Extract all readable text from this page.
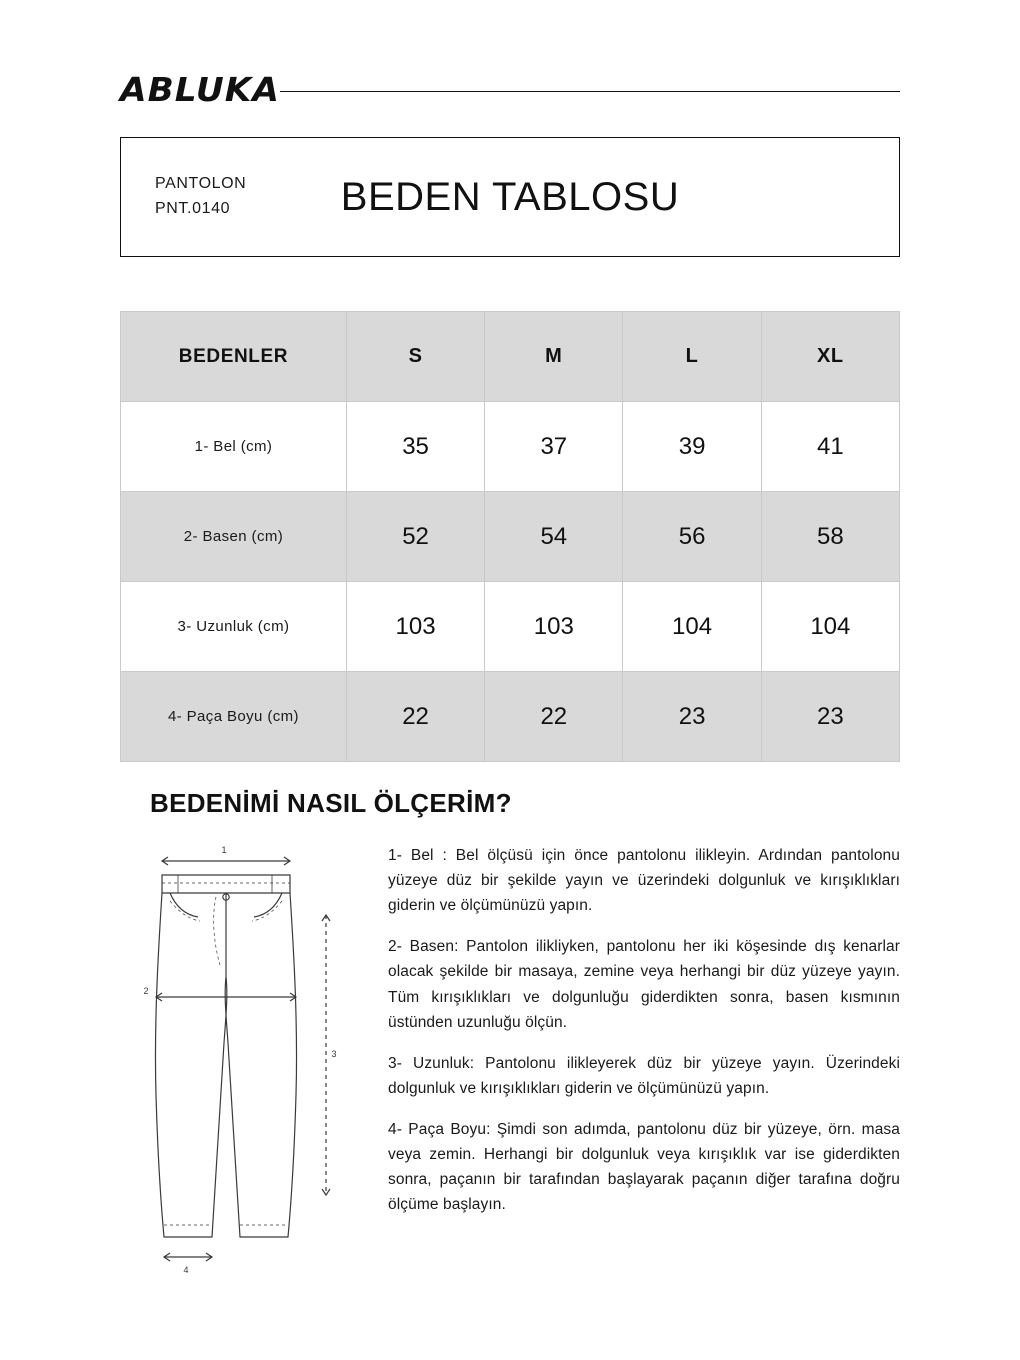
ABLUKA
PANTOLON
PNT.0140	BEDEN TABLOSU
BEDENLER	S	M	L	XL
1- Bel (cm)	35	37	39	41
2- Basen (cm)	52	54	56	58
3- Uzunluk (cm)	103	103	104	104
4- Paça Boyu (cm)	22	22	23	23
BEDENİMİ NASIL ÖLÇERİM?
1
2
3
4

1- Bel : Bel ölçüsü için önce pantolonu ilikleyin. Ardından pantolonu yüzeye düz bir şekilde yayın ve üzerindeki dolgunluk ve kırışıklıkları giderin ve ölçümünüzü yapın.

2- Basen: Pantolon ilikliyken, pantolonu her iki köşesinde dış kenarlar olacak şekilde bir masaya, zemine veya herhangi bir düz yüzeye yayın. Tüm kırışıklıkları ve dolgunluğu giderdikten sonra, basen kısmının üstünden uzunluğu ölçün.

3- Uzunluk: Pantolonu ilikleyerek düz bir yüzeye yayın. Üzerindeki dolgunluk ve kırışıklıkları giderin ve ölçümünüzü yapın.

4- Paça Boyu: Şimdi son adımda, pantolonu düz bir yüzeye, örn. masa veya zemin. Herhangi bir dolgunluk veya kırışıklık var ise giderdikten sonra, paçanın bir tarafından başlayarak paçanın diğer tarafına doğru ölçüme başlayın.
